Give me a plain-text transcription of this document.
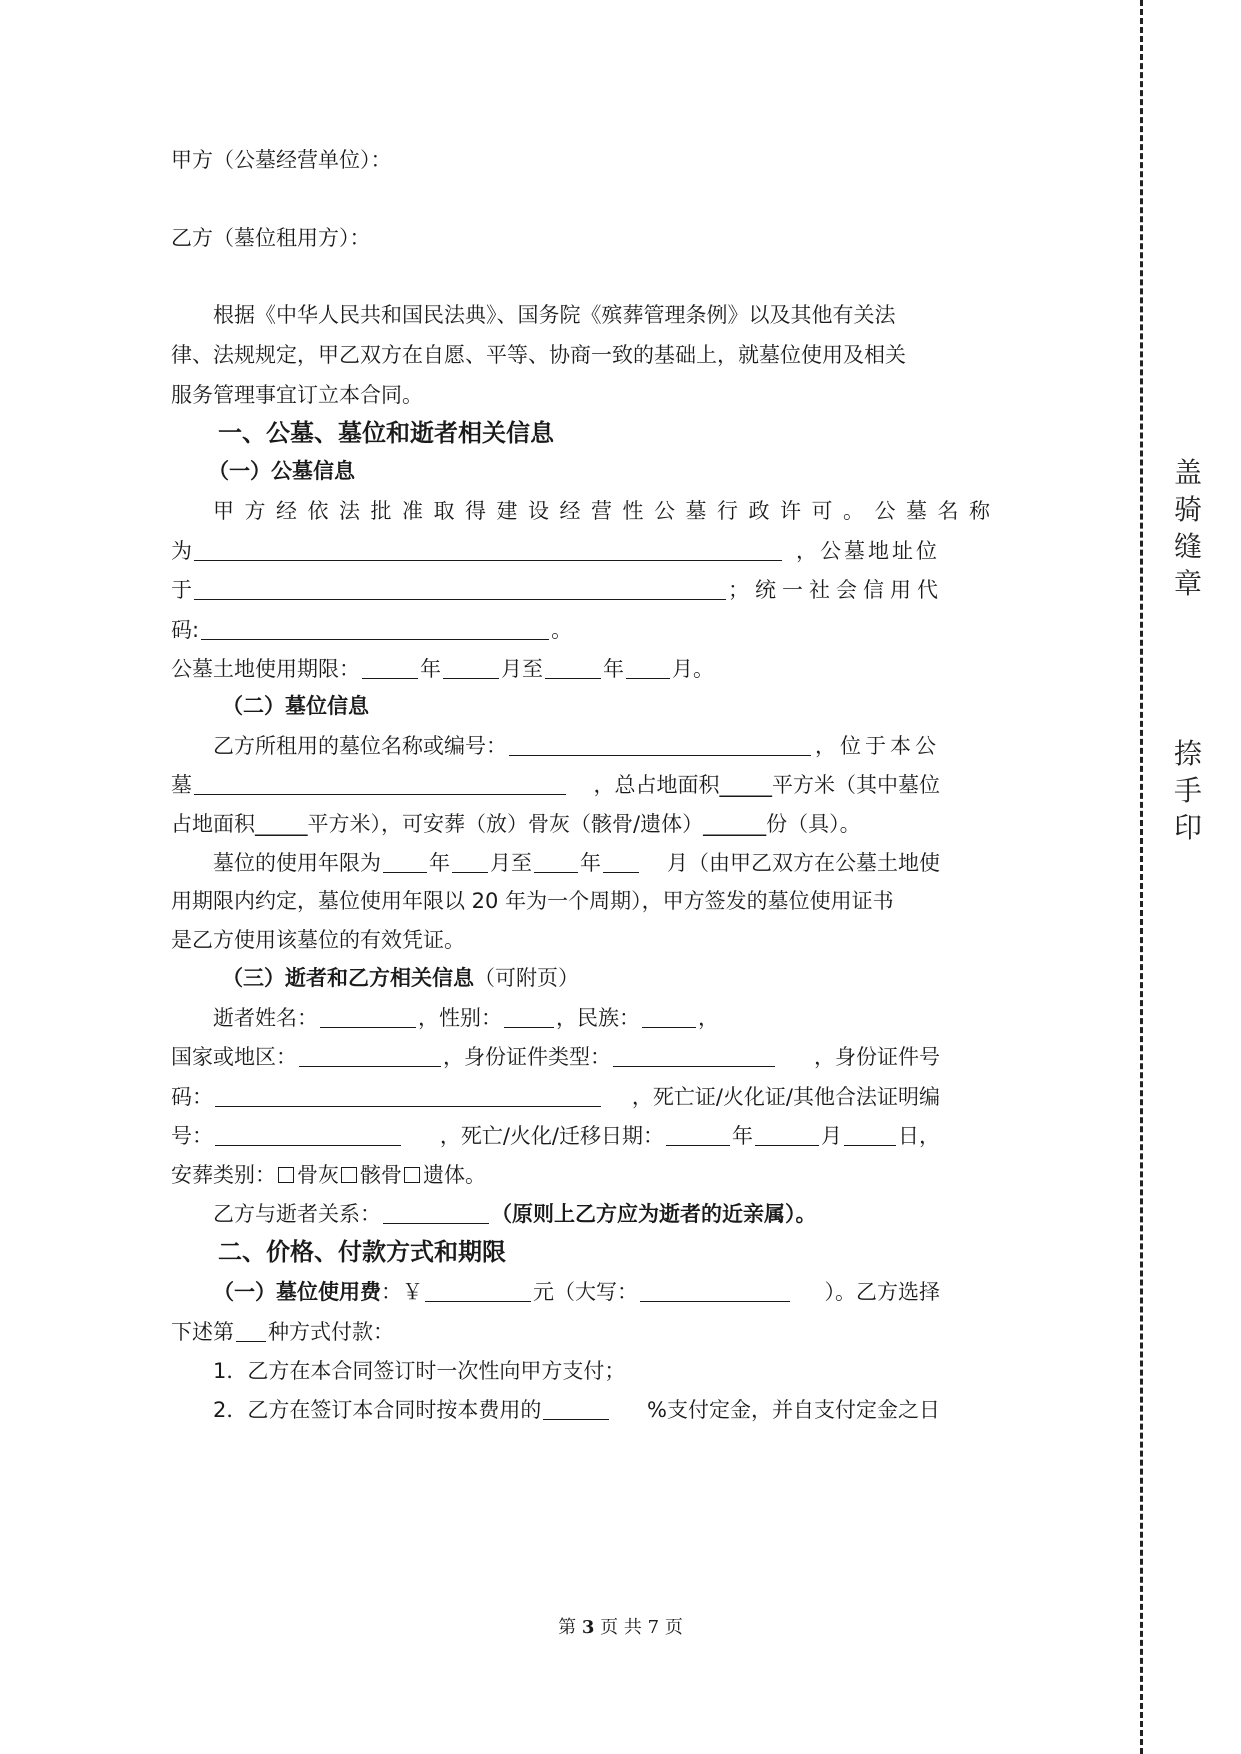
甲方（公墓经营单位）：
乙方（墓位租用方）：
根据《中华人民共和国民法典》、国务院《殡葬管理条例》以及其他有关法
律、法规规定，甲乙双方在自愿、平等、协商一致的基础上，就墓位使用及相关
服务管理事宜订立本合同。
一、公墓、墓位和逝者相关信息
（一）公墓信息
甲方经依法批准取得建设经营性公墓行政许可。公墓名称
为	，公墓地址位
于	；统一社会信用代
码:	。
公墓土地使用期限：	年	月至	年 月。
（二）墓位信息
乙方所租用的墓位名称或编号：	，位于本公
墓	，总占地面积_____平方米（其中墓位
占地面积_____平方米），可安葬（放）骨灰（骸骨/遗体）______份（具）。
墓位的使用年限为 年 月至 年	月（由甲乙双方在公墓土地使
用期限内约定，墓位使用年限以 20 年为一个周期），甲方签发的墓位使用证书
是乙方使用该墓位的有效凭证。
（三）逝者和乙方相关信息（可附页）
逝者姓名：	，性别：	，民族：	，
国家或地区：	，身份证件类型：	，身份证件号
码：	，死亡证/火化证/其他合法证明编
号：	，死亡/火化/迁移日期：	年	月	日，
安葬类别： 骨灰 骸骨 遗体。
乙方与逝者关系：	（原则上乙方应为逝者的近亲属）。
二、价格、付款方式和期限
（一）墓位使用费：￥	元（大写：	）。乙方选择
下述第 种方式付款：
1．乙方在本合同签订时一次性向甲方支付；
2．乙方在签订本合同时按本费用的	%支付定金，并自支付定金之日
第 3 页 共 7 页
盖
骑
缝
章
捺
手
印
